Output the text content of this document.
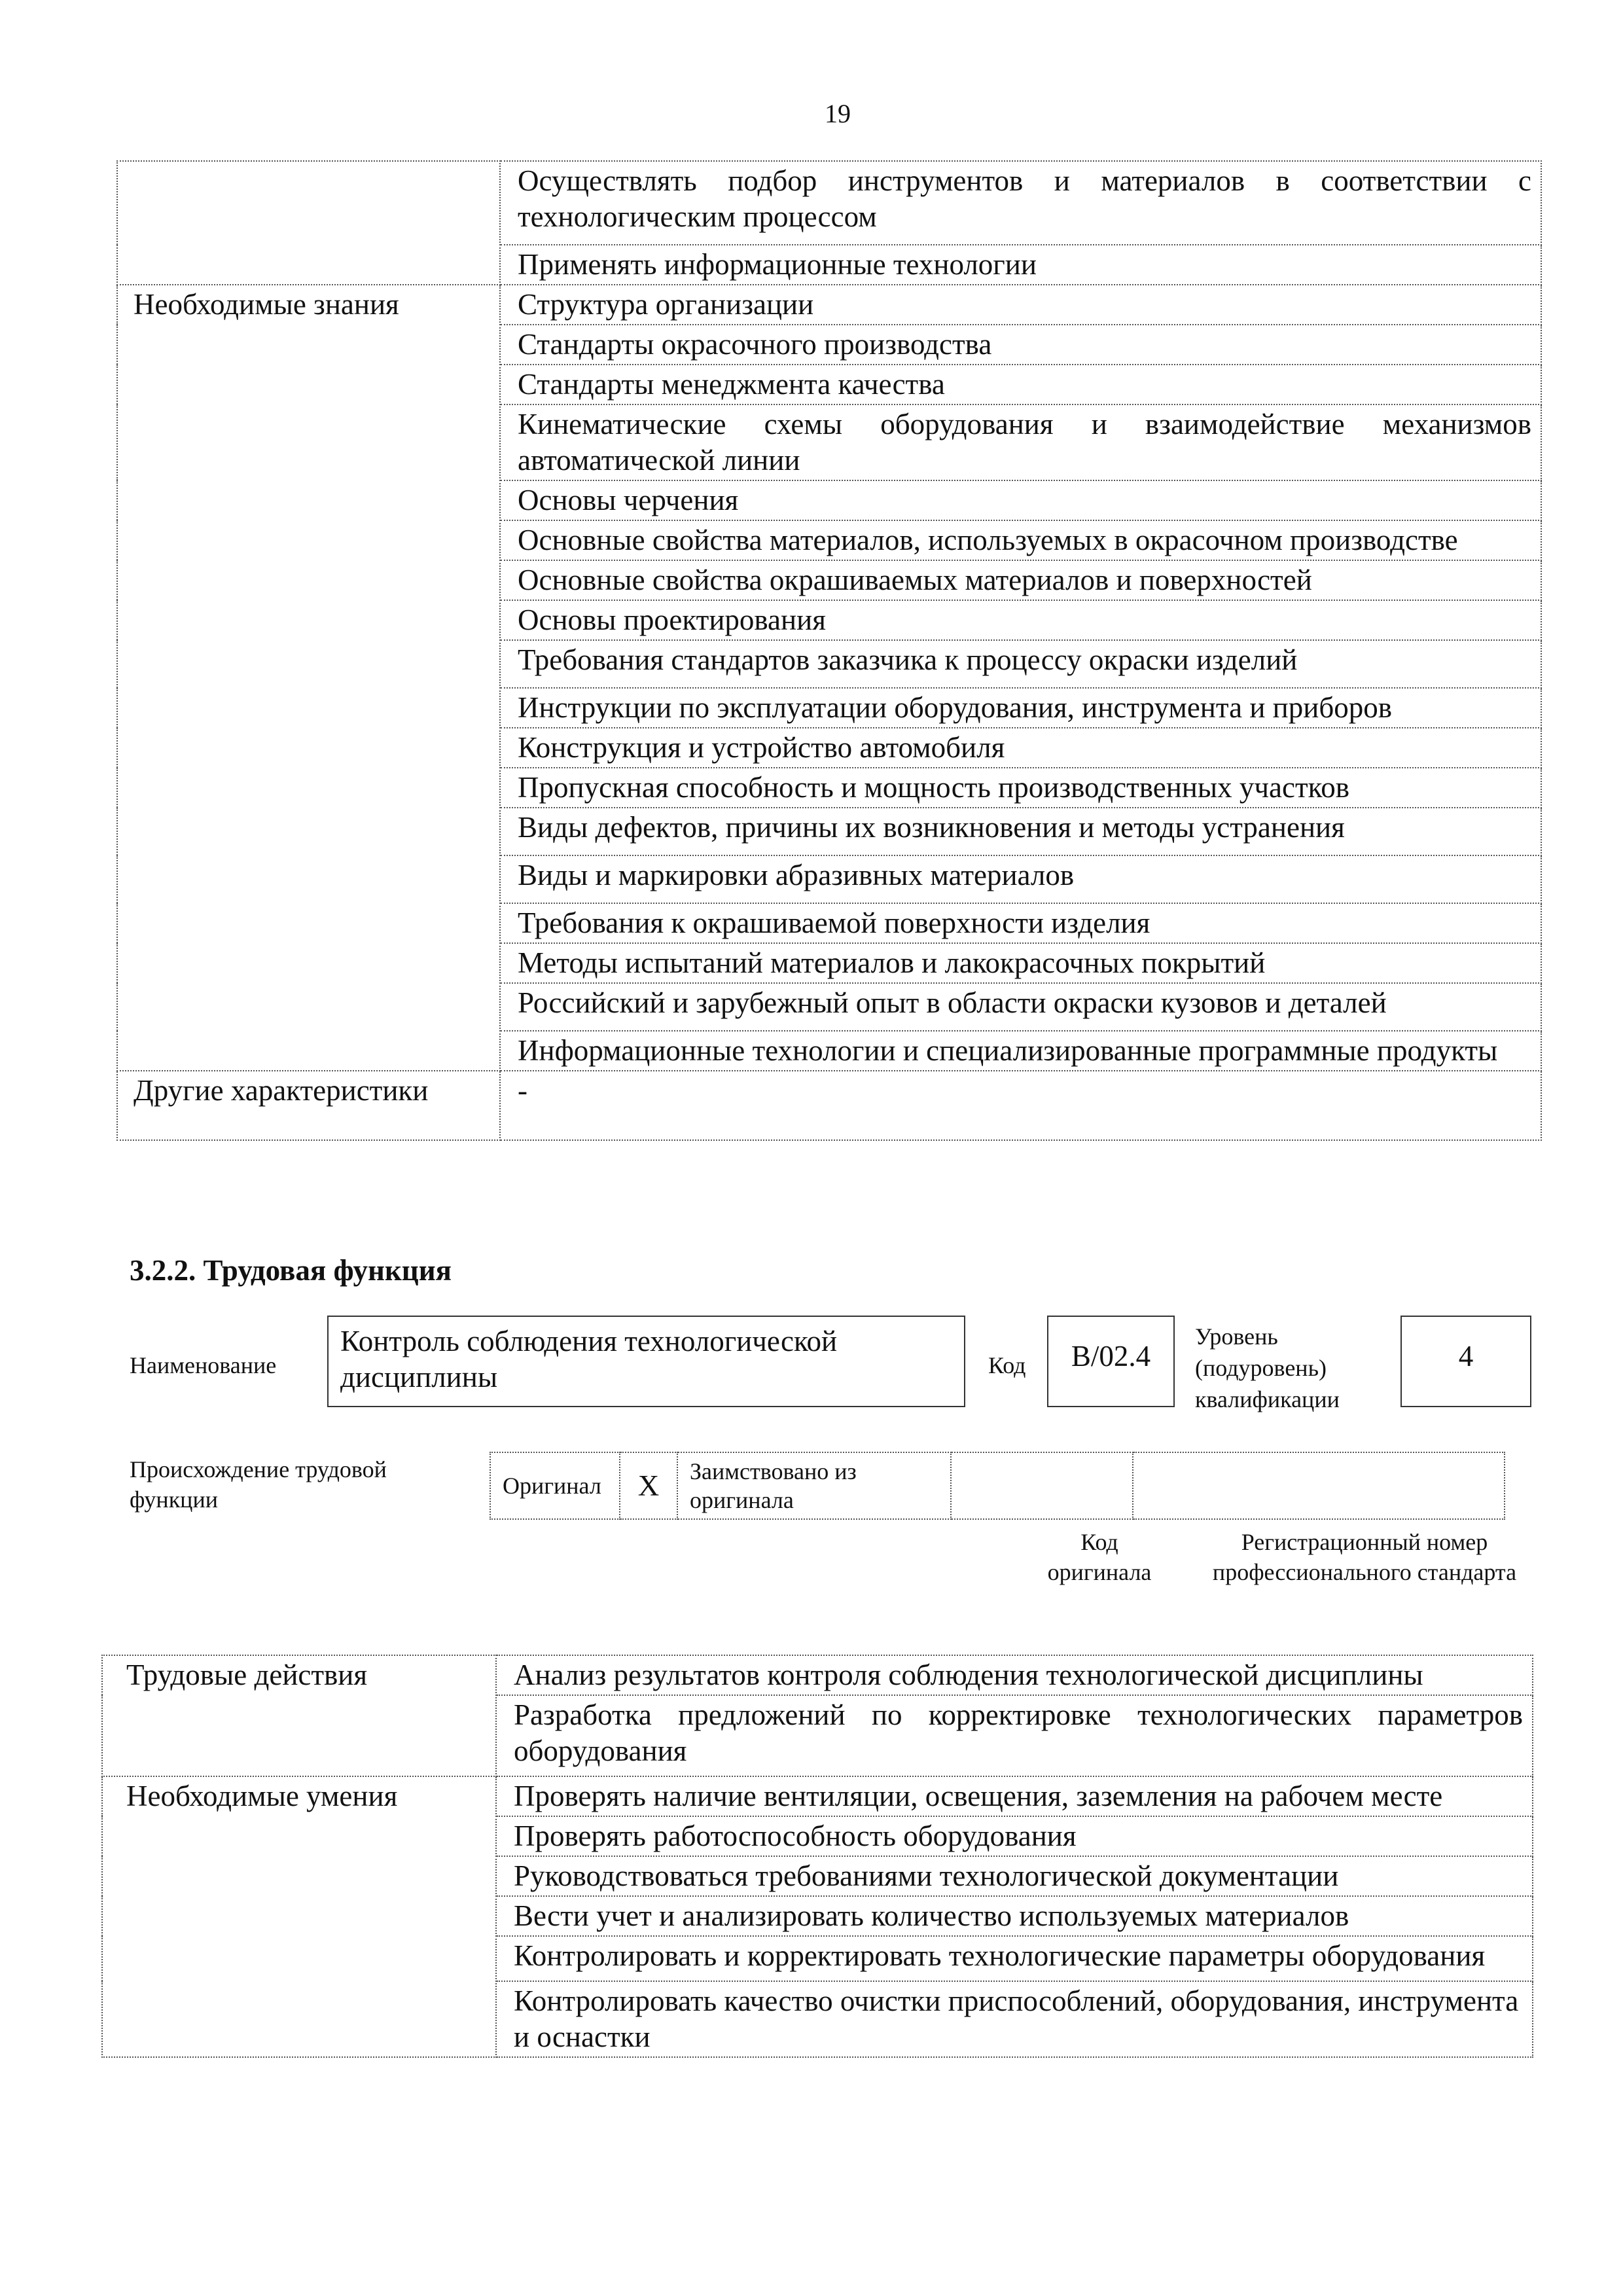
19
	Осуществлять подбор инструментов и материалов в соответствии с технологическим процессом
	Применять информационные технологии
Необходимые знания	Структура организации
	Стандарты окрасочного производства
	Стандарты менеджмента качества
	Кинематические схемы оборудования и взаимодействие механизмов автоматической линии
	Основы черчения
	Основные свойства материалов, используемых в окрасочном производстве
	Основные свойства окрашиваемых материалов и поверхностей
	Основы проектирования
	Требования стандартов заказчика к процессу окраски изделий
	Инструкции по эксплуатации оборудования, инструмента и приборов
	Конструкция и устройство автомобиля
	Пропускная способность и мощность производственных участков
	Виды дефектов, причины их возникновения и методы устранения
	Виды и маркировки абразивных материалов
	Требования к окрашиваемой поверхности изделия
	Методы испытаний материалов и лакокрасочных покрытий
	Российский и зарубежный опыт в области окраски кузовов и деталей
	Информационные технологии и специализированные программные продукты
Другие характеристики	-
3.2.2. Трудовая функция
Наименование
Контроль соблюдения технологической дисциплины	Код	B/02.4
Уровень (подуровень) квалификации
4
Происхождение трудовой функции
Оригинал	X	Заимствовано из оригинала		
Код оригинала
Регистрационный номер профессионального стандарта
Трудовые действия	Анализ результатов контроля соблюдения технологической дисциплины
	Разработка предложений по корректировке технологических параметров оборудования
Необходимые умения	Проверять наличие вентиляции, освещения, заземления на рабочем месте
	Проверять работоспособность оборудования
	Руководствоваться требованиями технологической документации
	Вести учет и анализировать количество используемых материалов
	Контролировать и корректировать технологические параметры оборудования
	Контролировать качество очистки приспособлений, оборудования, инструмента и оснастки
